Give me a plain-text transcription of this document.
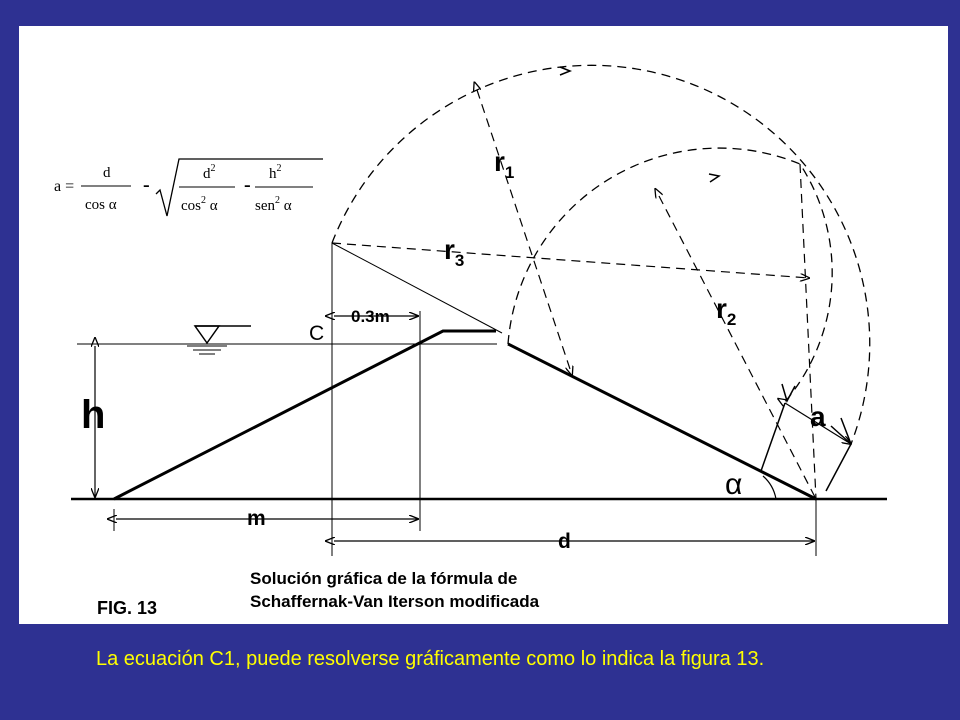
$r_1$
$r_2$
$r_3$
a
α
h
m
d
C
0.3m
a =
d
cos α
-	$d^2$
$\cos^2 \alpha$
- $h^2$
sen$^2$ α
FIG. 13
Solución gráfica de la fórmula de
Schaffernak-Van Iterson modificada
La ecuación C1, puede resolverse gráficamente como lo indica la figura 13.
